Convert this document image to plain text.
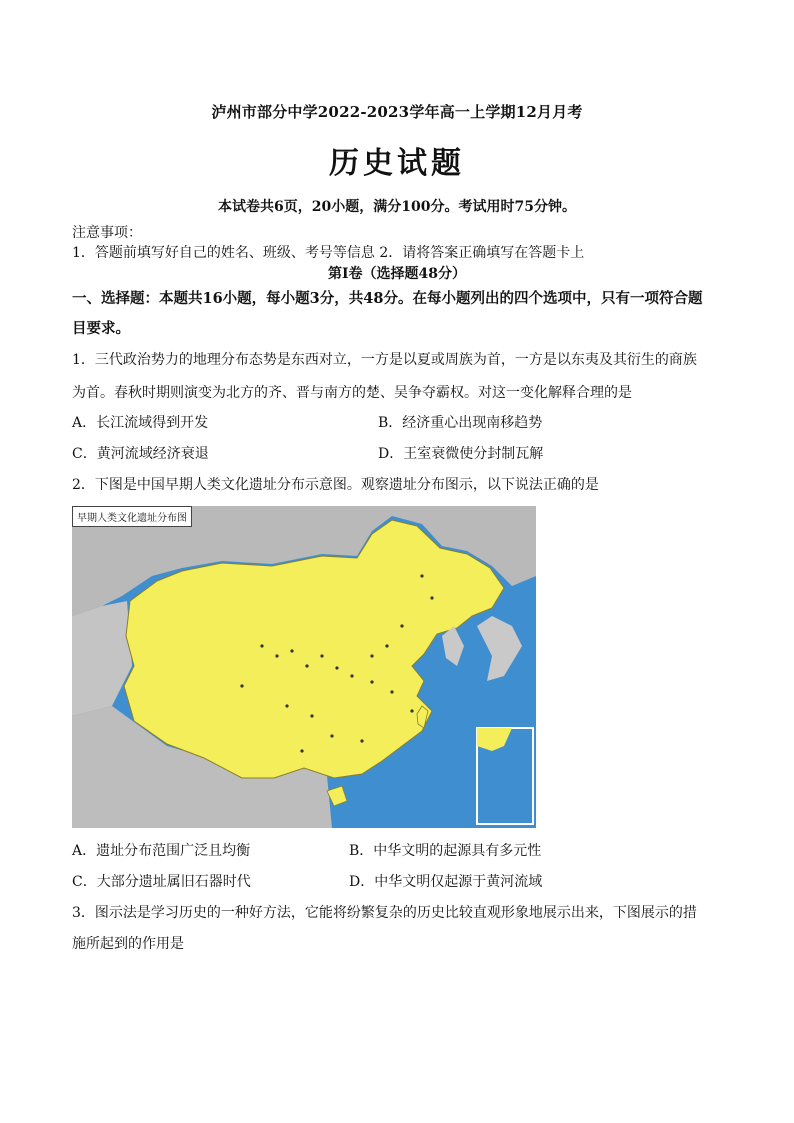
泸州市部分中学2022-2023学年高一上学期12月月考
历史试题
本试卷共6页，20小题，满分100分。考试用时75分钟。
注意事项：
1．答题前填写好自己的姓名、班级、考号等信息 2．请将答案正确填写在答题卡上
第Ⅰ卷（选择题48分）
一、选择题：本题共16小题，每小题3分，共48分。在每小题列出的四个选项中，只有一项符合题
目要求。
1．三代政治势力的地理分布态势是东西对立，一方是以夏或周族为首，一方是以东夷及其衍生的商族
为首。春秋时期则演变为北方的齐、晋与南方的楚、吴争夺霸权。对这一变化解释合理的是
A．长江流域得到开发	B．经济重心出现南移趋势
C．黄河流域经济衰退	D．王室衰微使分封制瓦解
2．下图是中国早期人类文化遗址分布示意图。观察遗址分布图示，以下说法正确的是
早期人类文化遗址分布图
A．遗址分布范围广泛且均衡	B．中华文明的起源具有多元性
C．大部分遗址属旧石器时代	D．中华文明仅起源于黄河流域
3．图示法是学习历史的一种好方法，它能将纷繁复杂的历史比较直观形象地展示出来，下图展示的措
施所起到的作用是
